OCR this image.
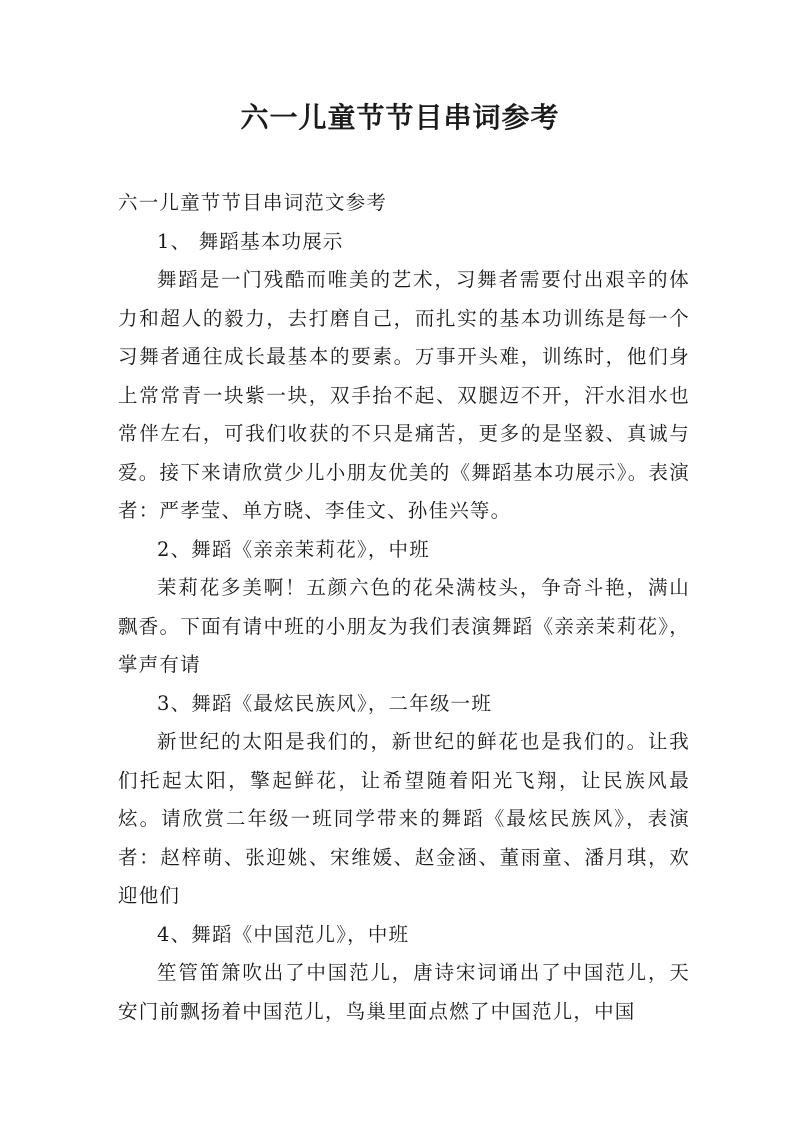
六一儿童节节目串词参考

六一儿童节节目串词范文参考

1、 舞蹈基本功展示

舞蹈是一门残酷而唯美的艺术，习舞者需要付出艰辛的体力和超人的毅力，去打磨自己，而扎实的基本功训练是每一个习舞者通往成长最基本的要素。万事开头难，训练时，他们身上常常青一块紫一块，双手抬不起、双腿迈不开，汗水泪水也常伴左右，可我们收获的不只是痛苦，更多的是坚毅、真诚与爱。接下来请欣赏少儿小朋友优美的《舞蹈基本功展示》。表演者：严孝莹、单方晓、李佳文、孙佳兴等。

2、舞蹈《亲亲茉莉花》，中班

茉莉花多美啊！五颜六色的花朵满枝头，争奇斗艳，满山飘香。下面有请中班的小朋友为我们表演舞蹈《亲亲茉莉花》，掌声有请

3、舞蹈《最炫民族风》，二年级一班

新世纪的太阳是我们的，新世纪的鲜花也是我们的。让我们托起太阳，擎起鲜花，让希望随着阳光飞翔，让民族风最炫。请欣赏二年级一班同学带来的舞蹈《最炫民族风》，表演者：赵梓萌、张迎姚、宋维媛、赵金涵、董雨童、潘月琪，欢迎他们

4、舞蹈《中国范儿》，中班

笙管笛箫吹出了中国范儿，唐诗宋词诵出了中国范儿，天安门前飘扬着中国范儿，鸟巢里面点燃了中国范儿，中国
